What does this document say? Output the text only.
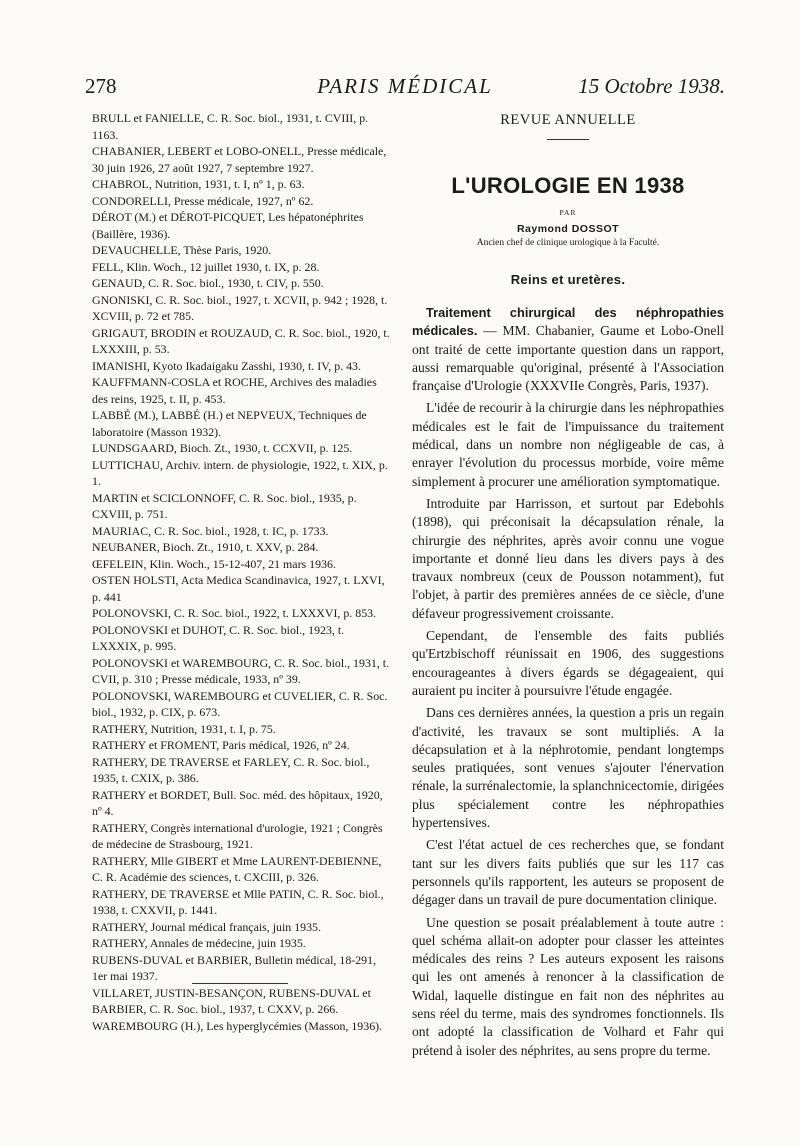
278	PARIS MÉDICAL	15 Octobre 1938.
BRULL et FANIELLE, C. R. Soc. biol., 1931, t. CVIII, p. 1163.
CHABANIER, LEBERT et LOBO-ONELL, Presse médicale, 30 juin 1926, 27 août 1927, 7 septembre 1927.
CHABROL, Nutrition, 1931, t. I, nº 1, p. 63.
CONDORELLI, Presse médicale, 1927, nº 62.
DÉROT (M.) et DÉROT-PICQUET, Les hépatonéphrites (Baillère, 1936).
DEVAUCHELLE, Thèse Paris, 1920.
FELL, Klin. Woch., 12 juillet 1930, t. IX, p. 28.
GENAUD, C. R. Soc. biol., 1930, t. CIV, p. 550.
GNONISKI, C. R. Soc. biol., 1927, t. XCVII, p. 942 ; 1928, t. XCVIII, p. 72 et 785.
GRIGAUT, BRODIN et ROUZAUD, C. R. Soc. biol., 1920, t. LXXXIII, p. 53.
IMANISHI, Kyoto Ikadaigaku Zasshi, 1930, t. IV, p. 43.
KAUFFMANN-COSLA et ROCHE, Archives des maladies des reins, 1925, t. II, p. 453.
LABBÉ (M.), LABBÉ (H.) et NEPVEUX, Techniques de laboratoire (Masson 1932).
LUNDSGAARD, Bioch. Zt., 1930, t. CCXVII, p. 125.
LUTTICHAU, Archiv. intern. de physiologie, 1922, t. XIX, p. 1.
MARTIN et SCICLONNOFF, C. R. Soc. biol., 1935, p. CXVIII, p. 751.
MAURIAC, C. R. Soc. biol., 1928, t. IC, p. 1733.
NEUBANER, Bioch. Zt., 1910, t. XXV, p. 284.
ŒFELEIN, Klin. Woch., 15-12-407, 21 mars 1936.
OSTEN HOLSTI, Acta Medica Scandinavica, 1927, t. LXVI, p. 441
POLONOVSKI, C. R. Soc. biol., 1922, t. LXXXVI, p. 853.
POLONOVSKI et DUHOT, C. R. Soc. biol., 1923, t. LXXXIX, p. 995.
POLONOVSKI et WAREMBOURG, C. R. Soc. biol., 1931, t. CVII, p. 310 ; Presse médicale, 1933, nº 39.
POLONOVSKI, WAREMBOURG et CUVELIER, C. R. Soc. biol., 1932, p. CIX, p. 673.
RATHERY, Nutrition, 1931, t. I, p. 75.
RATHERY et FROMENT, Paris médical, 1926, nº 24.
RATHERY, DE TRAVERSE et FARLEY, C. R. Soc. biol., 1935, t. CXIX, p. 386.
RATHERY et BORDET, Bull. Soc. méd. des hôpitaux, 1920, nº 4.
RATHERY, Congrès international d'urologie, 1921 ; Congrès de médecine de Strasbourg, 1921.
RATHERY, Mlle GIBERT et Mme LAURENT-DEBIENNE, C. R. Académie des sciences, t. CXCIII, p. 326.
RATHERY, DE TRAVERSE et Mlle PATIN, C. R. Soc. biol., 1938, t. CXXVII, p. 1441.
RATHERY, Journal médical français, juin 1935.
RATHERY, Annales de médecine, juin 1935.
RUBENS-DUVAL et BARBIER, Bulletin médical, 18-291, 1er mai 1937.
VILLARET, JUSTIN-BESANÇON, RUBENS-DUVAL et BARBIER, C. R. Soc. biol., 1937, t. CXXV, p. 266.
WAREMBOURG (H.), Les hyperglycémies (Masson, 1936).
REVUE ANNUELLE
L'UROLOGIE EN 1938
PAR
Raymond DOSSOT
Ancien chef de clinique urologique à la Faculté.
Reins et uretères.

Traitement chirurgical des néphropathies médicales. — MM. Chabanier, Gaume et Lobo-Onell ont traité de cette importante question dans un rapport, aussi remarquable qu'original, présenté à l'Association française d'Urologie (XXXVIIe Congrès, Paris, 1937).

L'idée de recourir à la chirurgie dans les néphropathies médicales est le fait de l'impuissance du traitement médical, dans un nombre non négligeable de cas, à enrayer l'évolution du processus morbide, voire même simplement à procurer une amélioration symptomatique.

Introduite par Harrisson, et surtout par Edebohls (1898), qui préconisait la décapsulation rénale, la chirurgie des néphrites, après avoir connu une vogue importante et donné lieu dans les divers pays à des travaux nombreux (ceux de Pousson notamment), fut l'objet, à partir des premières années de ce siècle, d'une défaveur progressivement croissante.

Cependant, de l'ensemble des faits publiés qu'Ertzbischoff réunissait en 1906, des suggestions encourageantes à divers égards se dégageaient, qui auraient pu inciter à poursuivre l'étude engagée.

Dans ces dernières années, la question a pris un regain d'activité, les travaux se sont multipliés. A la décapsulation et à la néphrotomie, pendant longtemps seules pratiquées, sont venues s'ajouter l'énervation rénale, la surrénalectomie, la splanchnicectomie, dirigées plus spécialement contre les néphropathies hypertensives.

C'est l'état actuel de ces recherches que, se fondant tant sur les divers faits publiés que sur les 117 cas personnels qu'ils rapportent, les auteurs se proposent de dégager dans un travail de pure documentation clinique.

Une question se posait préalablement à toute autre : quel schéma allait-on adopter pour classer les atteintes médicales des reins ? Les auteurs exposent les raisons qui les ont amenés à renoncer à la classification de Widal, laquelle distingue en fait non des néphrites au sens réel du terme, mais des syndromes fonctionnels. Ils ont adopté la classification de Volhard et Fahr qui prétend à isoler des néphrites, au sens propre du terme.
